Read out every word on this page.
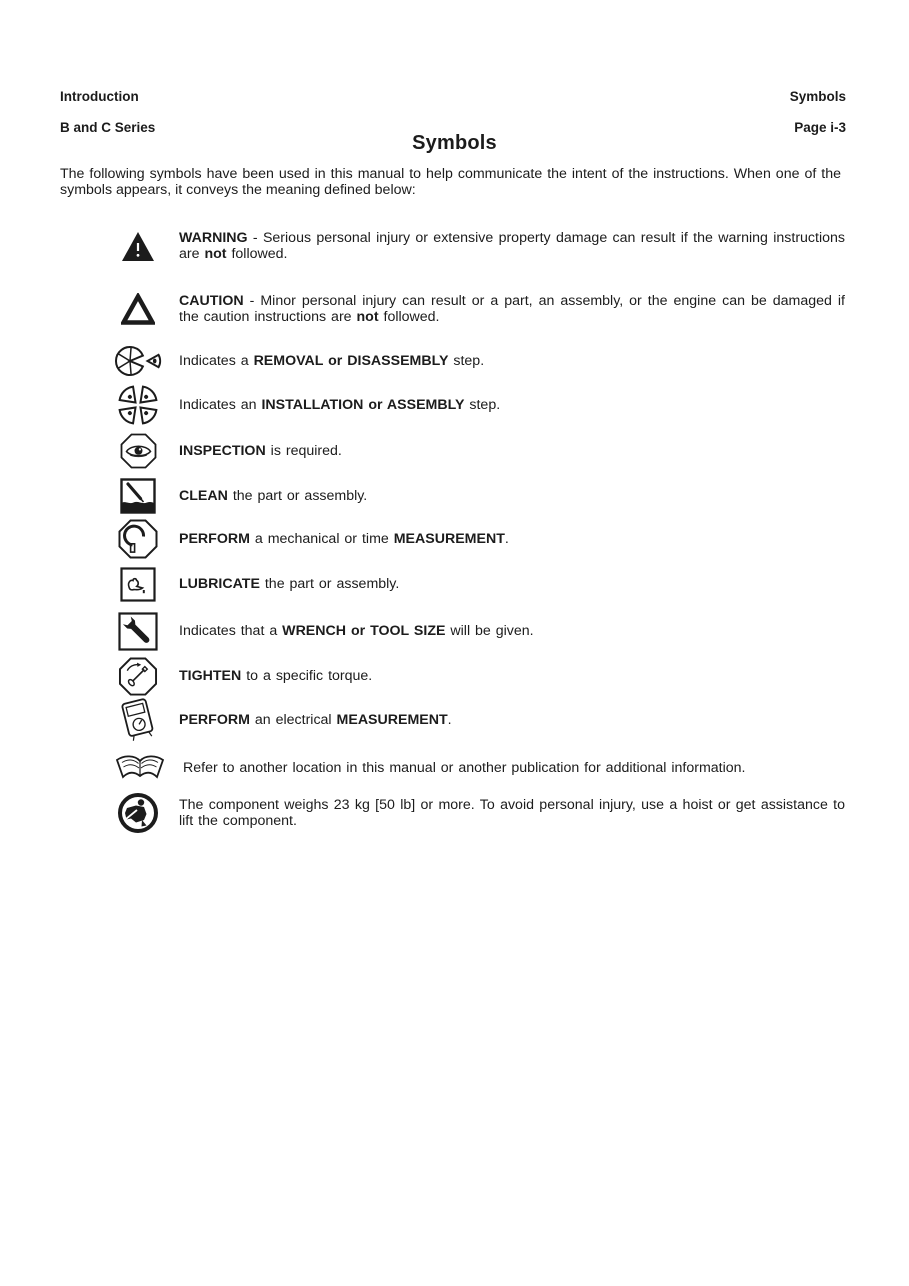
Introduction

B and C Series
Symbols

Page i-3
Symbols

The following symbols have been used in this manual to help communicate the intent of the instructions. When one of the symbols appears, it conveys the meaning defined below:

WARNING - Serious personal injury or extensive property damage can result if the warning instructions are not followed.

CAUTION - Minor personal injury can result or a part, an assembly, or the engine can be damaged if the caution instructions are not followed.

Indicates a REMOVAL or DISASSEMBLY step.

Indicates an INSTALLATION or ASSEMBLY step.

INSPECTION is required.

CLEAN the part or assembly.

PERFORM a mechanical or time MEASUREMENT.

LUBRICATE the part or assembly.

Indicates that a WRENCH or TOOL SIZE will be given.

TIGHTEN to a specific torque.

PERFORM an electrical MEASUREMENT.

Refer to another location in this manual or another publication for additional information.

The component weighs 23 kg [50 lb] or more. To avoid personal injury, use a hoist or get assistance to lift the component.
